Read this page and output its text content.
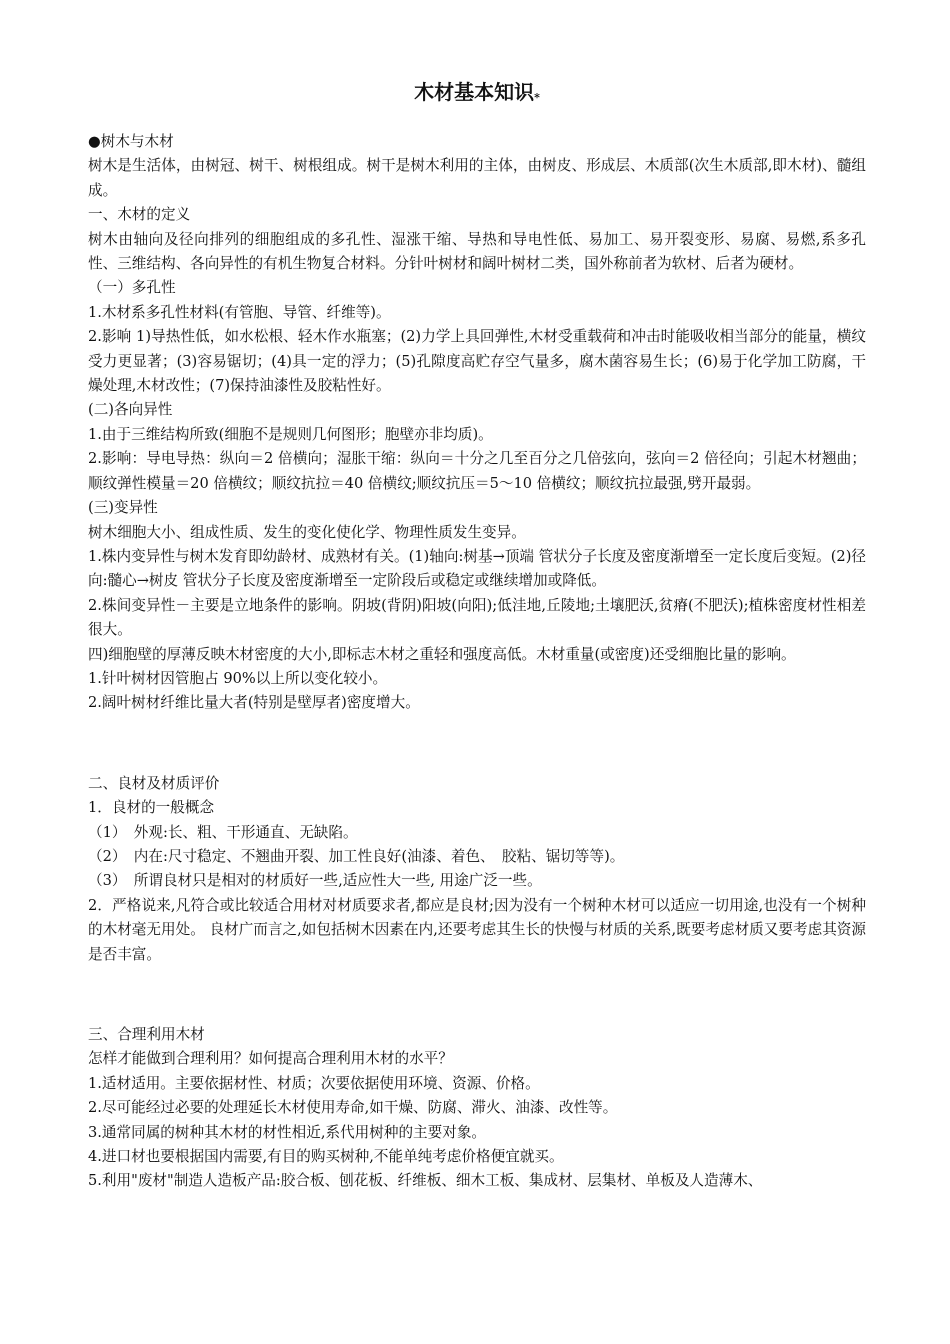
木材基本知识*

●树木与木材

树木是生活体，由树冠、树干、树根组成。树干是树木利用的主体，由树皮、形成层、木质部(次生木质部,即木材)、髓组成。

一、木材的定义

树木由轴向及径向排列的细胞组成的多孔性、湿涨干缩、导热和导电性低、易加工、易开裂变形、易腐、易燃,系多孔性、三维结构、各向异性的有机生物复合材料。分针叶树材和阔叶树材二类，国外称前者为软材、后者为硬材。

（一）多孔性

1.木材系多孔性材料(有管胞、导管、纤维等)。

2.影响 1)导热性低，如水松根、轻木作水瓶塞；(2)力学上具回弹性,木材受重载荷和冲击时能吸收相当部分的能量，横纹受力更显著；(3)容易锯切；(4)具一定的浮力；(5)孔隙度高贮存空气量多，腐木菌容易生长；(6)易于化学加工防腐，干燥处理,木材改性；(7)保持油漆性及胶粘性好。

(二)各向异性

1.由于三维结构所致(细胞不是规则几何图形；胞壁亦非均质)。

2.影响：导电导热：纵向＝2 倍横向；湿胀干缩：纵向＝十分之几至百分之几倍弦向，弦向＝2 倍径向；引起木材翘曲；顺纹弹性模量＝20 倍横纹；顺纹抗拉＝40 倍横纹;顺纹抗压＝5～10 倍横纹；顺纹抗拉最强,劈开最弱。

(三)变异性

树木细胞大小、组成性质、发生的变化使化学、物理性质发生变异。

1.株内变异性与树木发育即幼龄材、成熟材有关。(1)轴向:树基→顶端 管状分子长度及密度渐增至一定长度后变短。(2)径向:髓心→树皮 管状分子长度及密度渐增至一定阶段后或稳定或继续增加或降低。

2.株间变异性－主要是立地条件的影响。阴坡(背阴)阳坡(向阳);低洼地,丘陵地;土壤肥沃,贫瘠(不肥沃);植株密度材性相差很大。

四)细胞壁的厚薄反映木材密度的大小,即标志木材之重轻和强度高低。木材重量(或密度)还受细胞比量的影响。

1.针叶树材因管胞占 90%以上所以变化较小。

2.阔叶树材纤维比量大者(特别是壁厚者)密度增大。

二、良材及材质评价

1．良材的一般概念

（1）　外观:长、粗、干形通直、无缺陷。

（2）　内在:尺寸稳定、不翘曲开裂、加工性良好(油漆、着色、　胶粘、锯切等等)。

（3）　所谓良材只是相对的材质好一些,适应性大一些, 用途广泛一些。

2．严格说来,凡符合或比较适合用材对材质要求者,都应是良材;因为没有一个树种木材可以适应一切用途,也没有一个树种的木材毫无用处。 良材广而言之,如包括树木因素在内,还要考虑其生长的快慢与材质的关系,既要考虑材质又要考虑其资源是否丰富。

三、合理利用木材

怎样才能做到合理利用？如何提高合理利用木材的水平？

1.适材适用。主要依据材性、材质；次要依据使用环境、资源、价格。

2.尽可能经过必要的处理延长木材使用寿命,如干燥、防腐、滞火、油漆、改性等。

3.通常同属的树种其木材的材性相近,系代用树种的主要对象。

4.进口材也要根据国内需要,有目的购买树种,不能单纯考虑价格便宜就买。

5.利用"废材"制造人造板产品:胶合板、刨花板、纤维板、细木工板、集成材、层集材、单板及人造薄木、
